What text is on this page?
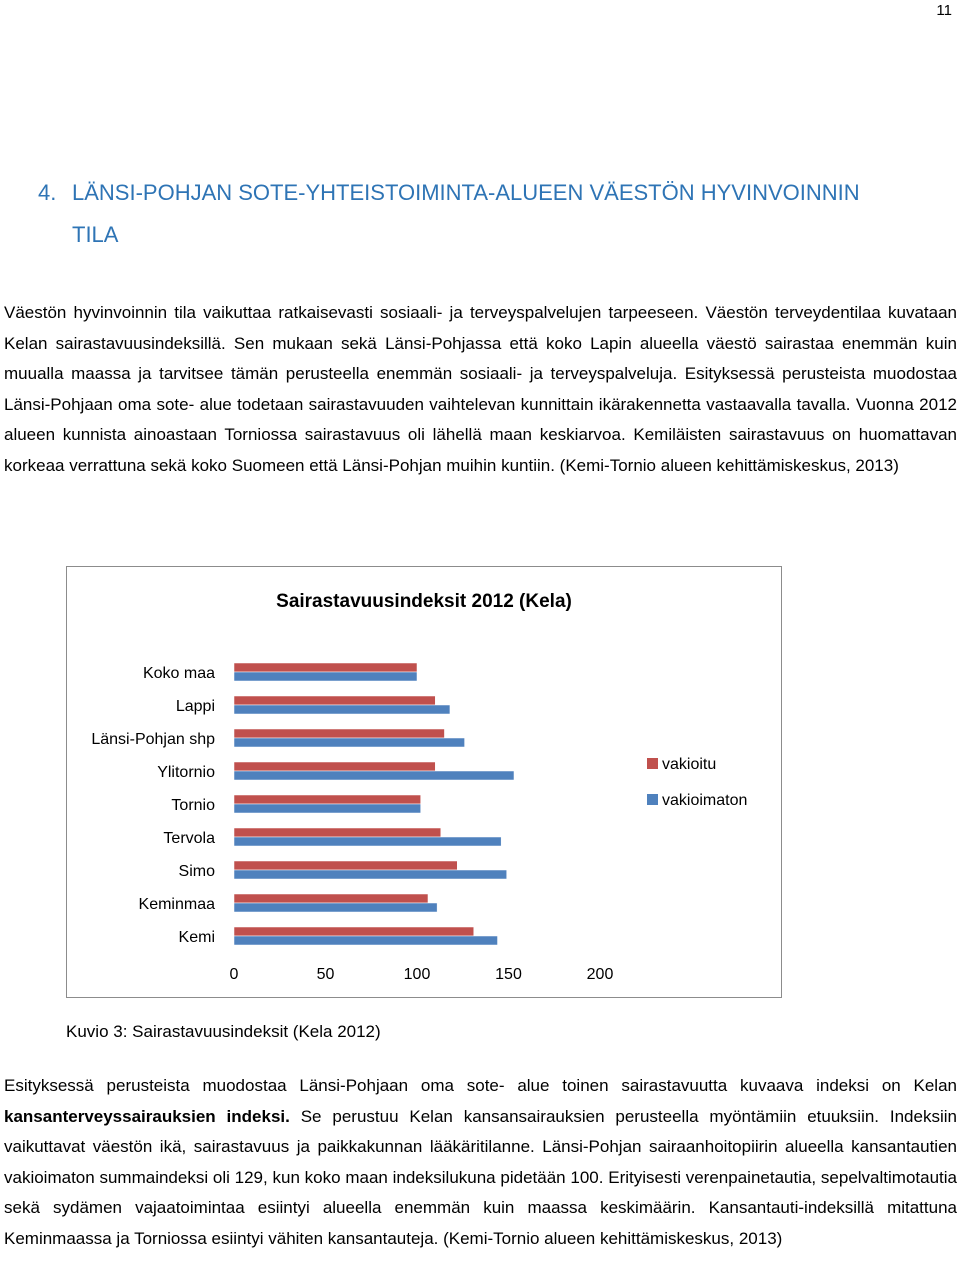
11
4. LÄNSI-POHJAN SOTE-YHTEISTOIMINTA-ALUEEN VÄESTÖN HYVINVOINNIN
TILA

Väestön hyvinvoinnin tila vaikuttaa ratkaisevasti sosiaali- ja terveyspalvelujen tarpeeseen. Väestön terveydentilaa kuvataan Kelan sairastavuusindeksillä. Sen mukaan sekä Länsi-Pohjassa että koko Lapin alueella väestö sairastaa enemmän kuin muualla maassa ja tarvitsee tämän perusteella enemmän sosiaali- ja terveyspalveluja. Esityksessä perusteista muodostaa Länsi-Pohjaan oma sote- alue todetaan sairastavuuden vaihtelevan kunnittain ikärakennetta vastaavalla tavalla. Vuonna 2012 alueen kunnista ainoastaan Torniossa sairastavuus oli lähellä maan keskiarvoa. Kemiläisten sairastavuus on huomattavan korkeaa verrattuna sekä koko Suomeen että Länsi-Pohjan muihin kuntiin. (Kemi-Tornio alueen kehittämiskeskus, 2013)

Sairastavuusindeksit 2012 (Kela)
Koko maa
Lappi
Länsi-Pohjan shp
Ylitornio
Tornio
Tervola
Simo
Keminmaa
Kemi
0	50	100	150	200
vakioitu
vakioimaton
Kuvio 3: Sairastavuusindeksit (Kela 2012)

Esityksessä perusteista muodostaa Länsi-Pohjaan oma sote- alue toinen sairastavuutta kuvaava indeksi on Kelan kansanterveyssairauksien indeksi. Se perustuu Kelan kansansairauksien perusteella myöntämiin etuuksiin. Indeksiin vaikuttavat väestön ikä, sairastavuus ja paikkakunnan lääkäritilanne. Länsi-Pohjan sairaanhoitopiirin alueella kansantautien vakioimaton summaindeksi oli 129, kun koko maan indeksilukuna pidetään 100. Erityisesti verenpainetautia, sepelvaltimotautia sekä sydämen vajaatoimintaa esiintyi alueella enemmän kuin maassa keskimäärin. Kansantauti-indeksillä mitattuna Keminmaassa ja Torniossa esiintyi vähiten kansantauteja. (Kemi-Tornio alueen kehittämiskeskus, 2013)
